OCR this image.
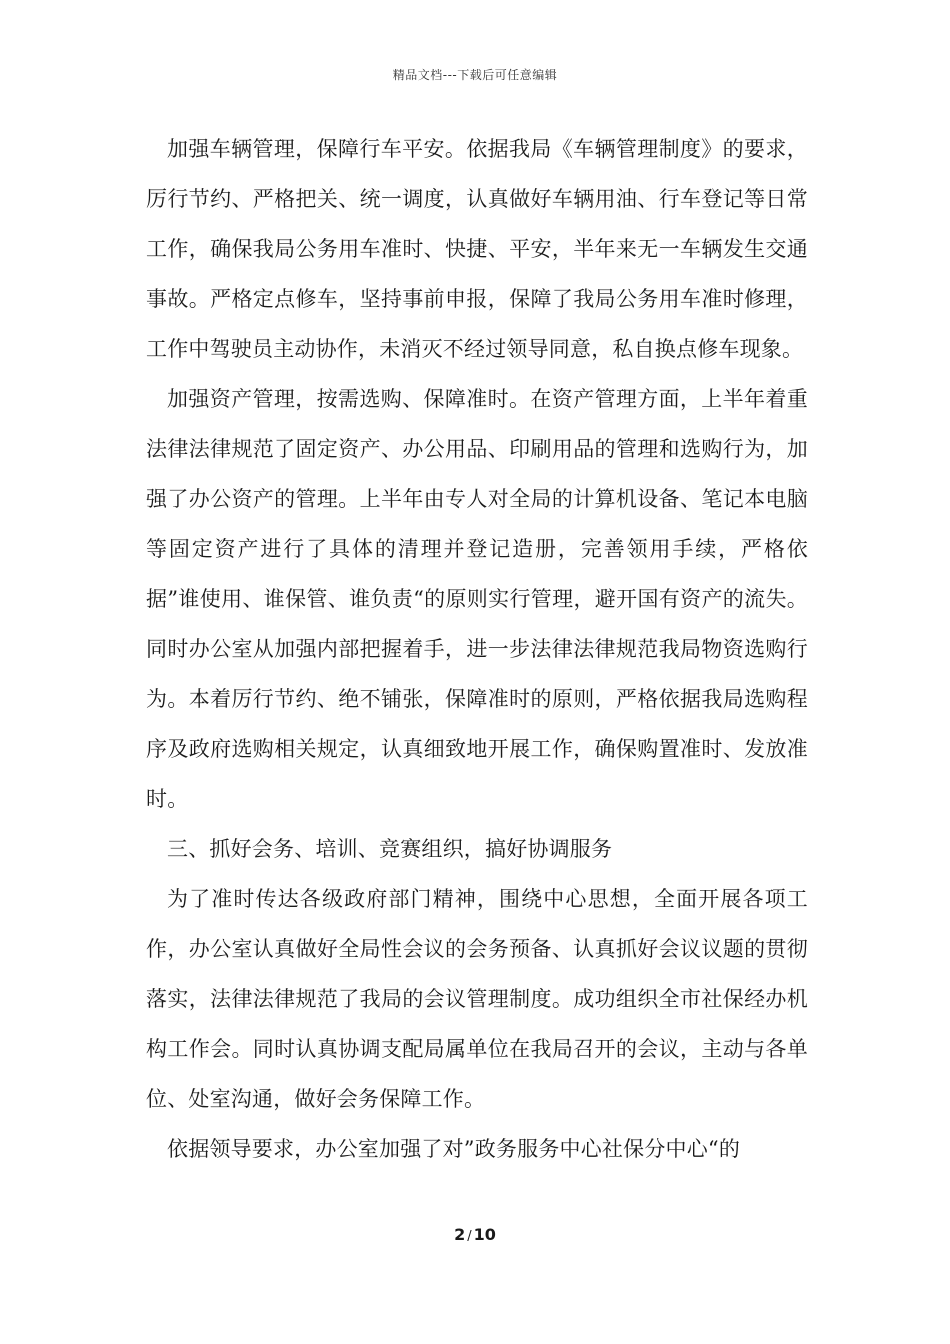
精品文档---下载后可任意编辑

加强车辆管理，保障行车平安。依据我局《车辆管理制度》的要求，厉行节约、严格把关、统一调度，认真做好车辆用油、行车登记等日常工作，确保我局公务用车准时、快捷、平安，半年来无一车辆发生交通事故。严格定点修车，坚持事前申报，保障了我局公务用车准时修理，工作中驾驶员主动协作，未消灭不经过领导同意，私自换点修车现象。

加强资产管理，按需选购、保障准时。在资产管理方面，上半年着重法律法律规范了固定资产、办公用品、印刷用品的管理和选购行为，加强了办公资产的管理。上半年由专人对全局的计算机设备、笔记本电脑等固定资产进行了具体的清理并登记造册，完善领用手续，严格依据”谁使用、谁保管、谁负责“的原则实行管理，避开国有资产的流失。同时办公室从加强内部把握着手，进一步法律法律规范我局物资选购行为。本着厉行节约、绝不铺张，保障准时的原则，严格依据我局选购程序及政府选购相关规定，认真细致地开展工作，确保购置准时、发放准时。

三、抓好会务、培训、竞赛组织，搞好协调服务

为了准时传达各级政府部门精神，围绕中心思想，全面开展各项工作，办公室认真做好全局性会议的会务预备、认真抓好会议议题的贯彻落实，法律法律规范了我局的会议管理制度。成功组织全市社保经办机构工作会。同时认真协调支配局属单位在我局召开的会议，主动与各单位、处室沟通，做好会务保障工作。

依据领导要求，办公室加强了对”政务服务中心社保分中心“的

2 / 10
